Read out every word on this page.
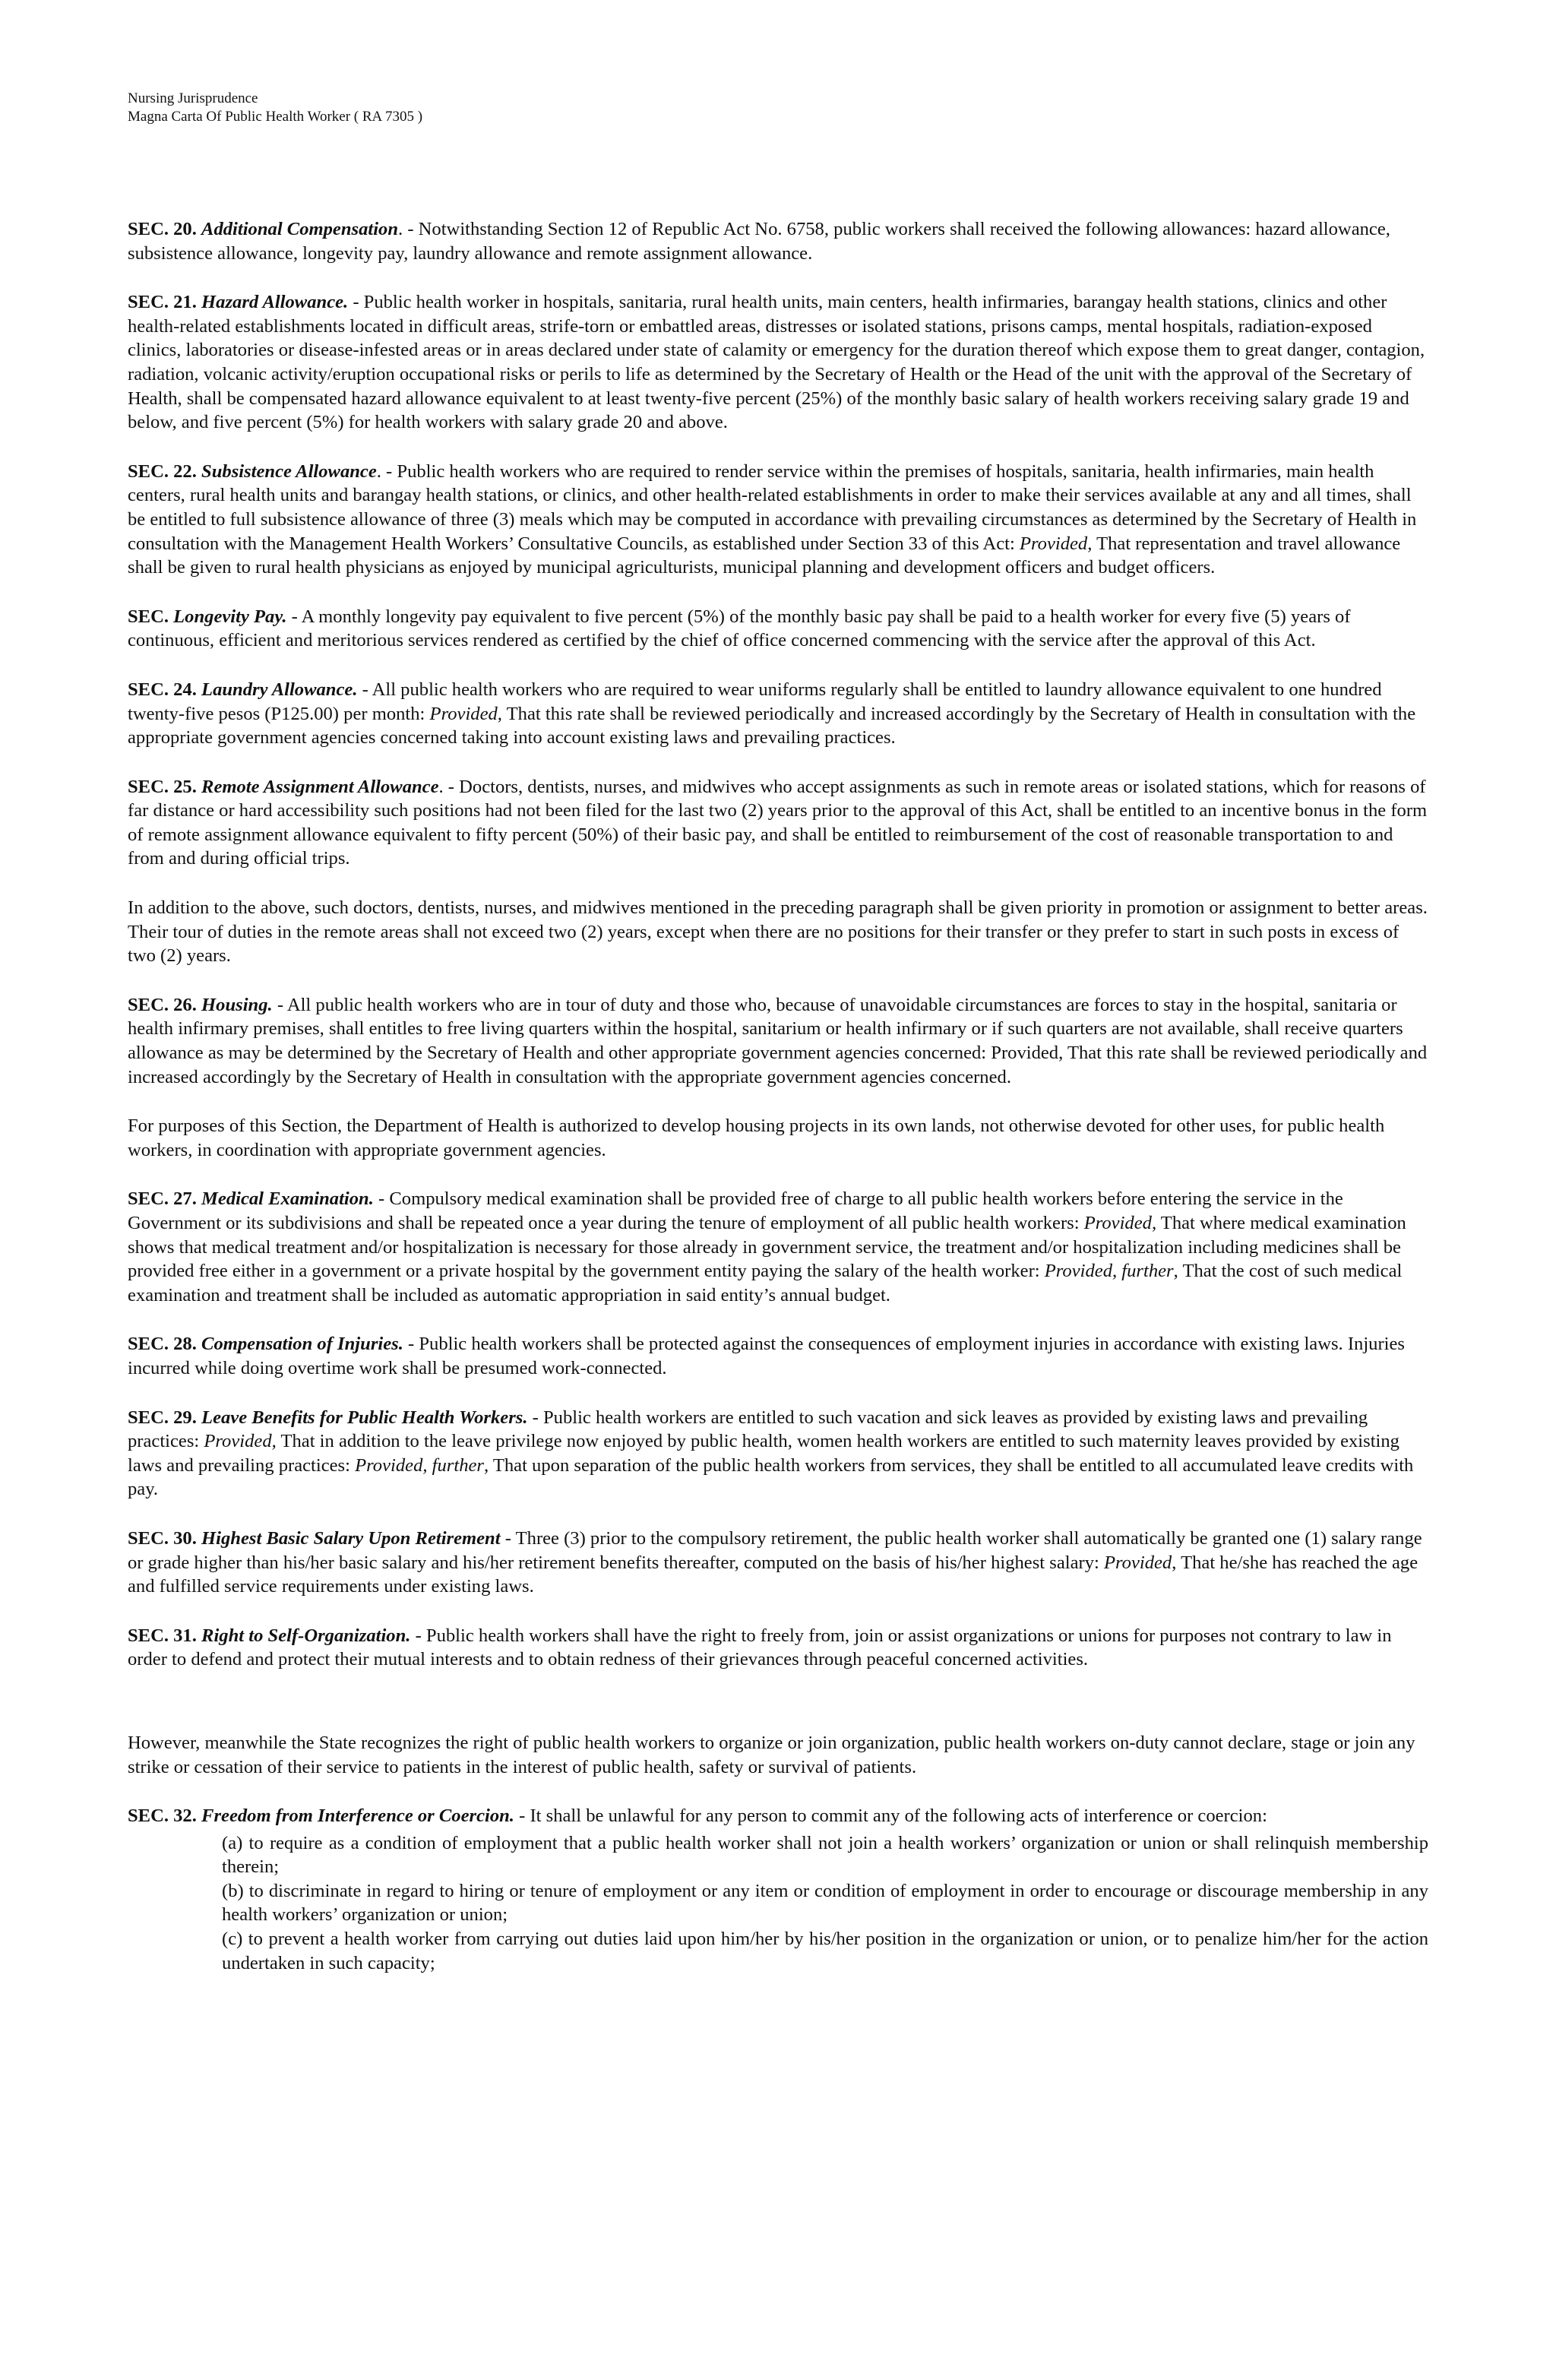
Nursing Jurisprudence
Magna Carta Of Public Health Worker ( RA 7305 )

SEC. 20. Additional Compensation. - Notwithstanding Section 12 of Republic Act No. 6758, public workers shall received the following allowances: hazard allowance, subsistence allowance, longevity pay, laundry allowance and remote assignment allowance.

SEC. 21. Hazard Allowance. - Public health worker in hospitals, sanitaria, rural health units, main centers, health infirmaries, barangay health stations, clinics and other health-related establishments located in difficult areas, strife-torn or embattled areas, distresses or isolated stations, prisons camps, mental hospitals, radiation-exposed clinics, laboratories or disease-infested areas or in areas declared under state of calamity or emergency for the duration thereof which expose them to great danger, contagion, radiation, volcanic activity/eruption occupational risks or perils to life as determined by the Secretary of Health or the Head of the unit with the approval of the Secretary of Health, shall be compensated hazard allowance equivalent to at least twenty-five percent (25%) of the monthly basic salary of health workers receiving salary grade 19 and below, and five percent (5%) for health workers with salary grade 20 and above.

SEC. 22. Subsistence Allowance. - Public health workers who are required to render service within the premises of hospitals, sanitaria, health infirmaries, main health centers, rural health units and barangay health stations, or clinics, and other health-related establishments in order to make their services available at any and all times, shall be entitled to full subsistence allowance of three (3) meals which may be computed in accordance with prevailing circumstances as determined by the Secretary of Health in consultation with the Management Health Workers’ Consultative Councils, as established under Section 33 of this Act: Provided, That representation and travel allowance shall be given to rural health physicians as enjoyed by municipal agriculturists, municipal planning and development officers and budget officers.

SEC. Longevity Pay. - A monthly longevity pay equivalent to five percent (5%) of the monthly basic pay shall be paid to a health worker for every five (5) years of continuous, efficient and meritorious services rendered as certified by the chief of office concerned commencing with the service after the approval of this Act.

SEC. 24. Laundry Allowance. - All public health workers who are required to wear uniforms regularly shall be entitled to laundry allowance equivalent to one hundred twenty-five pesos (P125.00) per month: Provided, That this rate shall be reviewed periodically and increased accordingly by the Secretary of Health in consultation with the appropriate government agencies concerned taking into account existing laws and prevailing practices.

SEC. 25. Remote Assignment Allowance. - Doctors, dentists, nurses, and midwives who accept assignments as such in remote areas or isolated stations, which for reasons of far distance or hard accessibility such positions had not been filed for the last two (2) years prior to the approval of this Act, shall be entitled to an incentive bonus in the form of remote assignment allowance equivalent to fifty percent (50%) of their basic pay, and shall be entitled to reimbursement of the cost of reasonable transportation to and from and during official trips.

In addition to the above, such doctors, dentists, nurses, and midwives mentioned in the preceding paragraph shall be given priority in promotion or assignment to better areas. Their tour of duties in the remote areas shall not exceed two (2) years, except when there are no positions for their transfer or they prefer to start in such posts in excess of two (2) years.

SEC. 26. Housing. - All public health workers who are in tour of duty and those who, because of unavoidable circumstances are forces to stay in the hospital, sanitaria or health infirmary premises, shall entitles to free living quarters within the hospital, sanitarium or health infirmary or if such quarters are not available, shall receive quarters allowance as may be determined by the Secretary of Health and other appropriate government agencies concerned: Provided, That this rate shall be reviewed periodically and increased accordingly by the Secretary of Health in consultation with the appropriate government agencies concerned.

For purposes of this Section, the Department of Health is authorized to develop housing projects in its own lands, not otherwise devoted for other uses, for public health workers, in coordination with appropriate government agencies.

SEC. 27. Medical Examination. - Compulsory medical examination shall be provided free of charge to all public health workers before entering the service in the Government or its subdivisions and shall be repeated once a year during the tenure of employment of all public health workers: Provided, That where medical examination shows that medical treatment and/or hospitalization is necessary for those already in government service, the treatment and/or hospitalization including medicines shall be provided free either in a government or a private hospital by the government entity paying the salary of the health worker: Provided, further, That the cost of such medical examination and treatment shall be included as automatic appropriation in said entity’s annual budget.

SEC. 28. Compensation of Injuries. - Public health workers shall be protected against the consequences of employment injuries in accordance with existing laws. Injuries incurred while doing overtime work shall be presumed work-connected.

SEC. 29. Leave Benefits for Public Health Workers. - Public health workers are entitled to such vacation and sick leaves as provided by existing laws and prevailing practices: Provided, That in addition to the leave privilege now enjoyed by public health, women health workers are entitled to such maternity leaves provided by existing laws and prevailing practices: Provided, further, That upon separation of the public health workers from services, they shall be entitled to all accumulated leave credits with pay.

SEC. 30. Highest Basic Salary Upon Retirement - Three (3) prior to the compulsory retirement, the public health worker shall automatically be granted one (1) salary range or grade higher than his/her basic salary and his/her retirement benefits thereafter, computed on the basis of his/her highest salary: Provided, That he/she has reached the age and fulfilled service requirements under existing laws.

SEC. 31. Right to Self-Organization. - Public health workers shall have the right to freely from, join or assist organizations or unions for purposes not contrary to law in order to defend and protect their mutual interests and to obtain redness of their grievances through peaceful concerned activities.

However, meanwhile the State recognizes the right of public health workers to organize or join organization, public health workers on-duty cannot declare, stage or join any strike or cessation of their service to patients in the interest of public health, safety or survival of patients.

SEC. 32. Freedom from Interference or Coercion. - It shall be unlawful for any person to commit any of the following acts of interference or coercion:

(a) to require as a condition of employment that a public health worker shall not join a health workers’ organization or union or shall relinquish membership therein;
(b) to discriminate in regard to hiring or tenure of employment or any item or condition of employment in order to encourage or discourage membership in any health workers’ organization or union;
(c) to prevent a health worker from carrying out duties laid upon him/her by his/her position in the organization or union, or to penalize him/her for the action undertaken in such capacity;
